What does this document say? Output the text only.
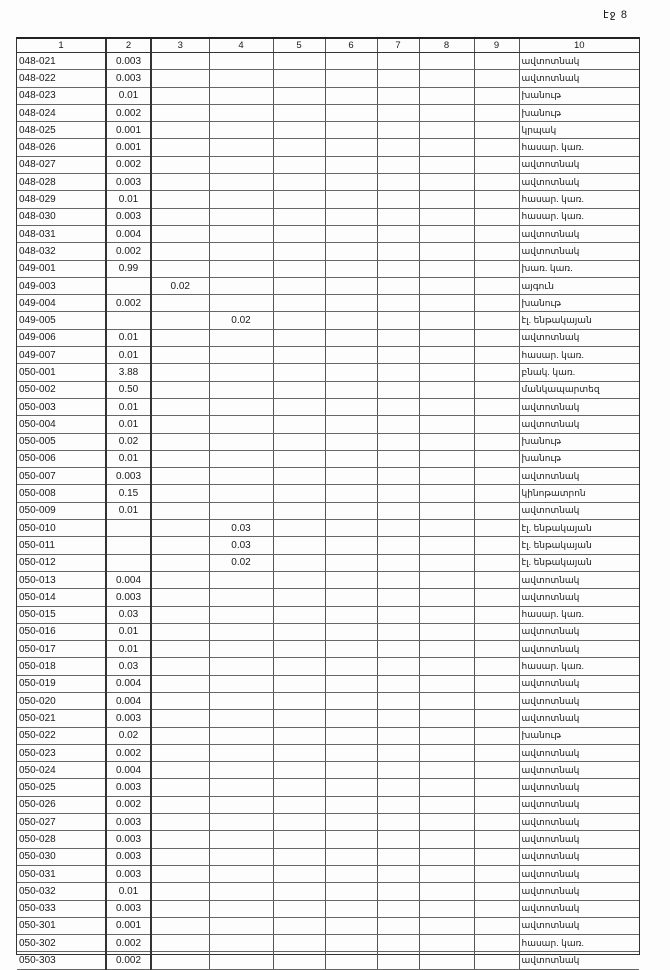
էջ 8
1	2	3	4	5	6	7	8	9	10
048-021	0.003								ավտոտնակ
048-022	0.003								ավտոտնակ
048-023	0.01								խանութ
048-024	0.002								խանութ
048-025	0.001								կրպակ
048-026	0.001								հասար. կառ.
048-027	0.002								ավտոտնակ
048-028	0.003								ավտոտնակ
048-029	0.01								հասար. կառ.
048-030	0.003								հասար. կառ.
048-031	0.004								ավտոտնակ
048-032	0.002								ավտոտնակ
049-001	0.99								խառ. կառ.
049-003		0.02							այգուն
049-004	0.002								խանութ
049-005			0.02						էլ. ենթակայան
049-006	0.01								ավտոտնակ
049-007	0.01								հասար. կառ.
050-001	3.88								բնակ. կառ.
050-002	0.50								մանկապարտեզ
050-003	0.01								ավտոտնակ
050-004	0.01								ավտոտնակ
050-005	0.02								խանութ
050-006	0.01								խանութ
050-007	0.003								ավտոտնակ
050-008	0.15								կինոթատրոն
050-009	0.01								ավտոտնակ
050-010			0.03						էլ. ենթակայան
050-011			0.03						էլ. ենթակայան
050-012			0.02						էլ. ենթակայան
050-013	0.004								ավտոտնակ
050-014	0.003								ավտոտնակ
050-015	0.03								հասար. կառ.
050-016	0.01								ավտոտնակ
050-017	0.01								ավտոտնակ
050-018	0.03								հասար. կառ.
050-019	0.004								ավտոտնակ
050-020	0.004								ավտոտնակ
050-021	0.003								ավտոտնակ
050-022	0.02								խանութ
050-023	0.002								ավտոտնակ
050-024	0.004								ավտոտնակ
050-025	0.003								ավտոտնակ
050-026	0.002								ավտոտնակ
050-027	0.003								ավտոտնակ
050-028	0.003								ավտոտնակ
050-030	0.003								ավտոտնակ
050-031	0.003								ավտոտնակ
050-032	0.01								ավտոտնակ
050-033	0.003								ավտոտնակ
050-301	0.001								ավտոտնակ
050-302	0.002								հասար. կառ.
050-303	0.002								ավտոտնակ
